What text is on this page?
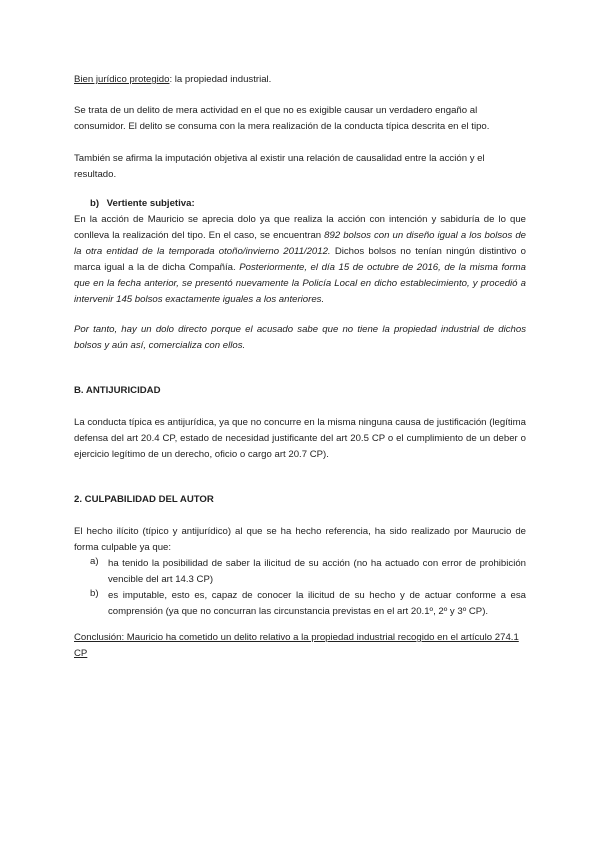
Bien jurídico protegido: la propiedad industrial.

Se trata de un delito de mera actividad en el que no es exigible causar un verdadero engaño al

consumidor. El delito se consuma con la mera realización de la conducta típica descrita en el tipo.

También se afirma la imputación objetiva al existir una relación de causalidad entre la acción y el

resultado.

b) Vertiente subjetiva:

En la acción de Mauricio se aprecia dolo ya que realiza la acción con intención y sabiduría de lo que conlleva la realización del tipo. En el caso, se encuentran 892 bolsos con un diseño igual a los bolsos de la otra entidad de la temporada otoño/invierno 2011/2012. Dichos bolsos no tenían ningún distintivo o marca igual a la de dicha Compañía. Posteriormente, el día 15 de octubre de 2016, de la misma forma que en la fecha anterior, se presentó nuevamente la Policía Local en dicho establecimiento, y procedió a intervenir 145 bolsos exactamente iguales a los anteriores.

Por tanto, hay un dolo directo porque el acusado sabe que no tiene la propiedad industrial de dichos bolsos y aún así, comercializa con ellos.

B. ANTIJURICIDAD

La conducta típica es antijurídica, ya que no concurre en la misma ninguna causa de justificación (legítima defensa del art 20.4 CP, estado de necesidad justificante del art 20.5 CP o el cumplimiento de un deber o ejercicio legítimo de un derecho, oficio o cargo art 20.7 CP).

2. CULPABILIDAD DEL AUTOR

El hecho ilícito (típico y antijurídico) al que se ha hecho referencia, ha sido realizado por Maurucio de forma culpable ya que:

a) ha tenido la posibilidad de saber la ilicitud de su acción (no ha actuado con error de prohibición vencible del art 14.3 CP)

b) es imputable, esto es, capaz de conocer la ilicitud de su hecho y de actuar conforme a esa comprensión (ya que no concurran las circunstancia previstas en el art 20.1º, 2º y 3º CP).

Conclusión: Mauricio ha cometido un delito relativo a la propiedad industrial recogido en el artículo 274.1 CP
